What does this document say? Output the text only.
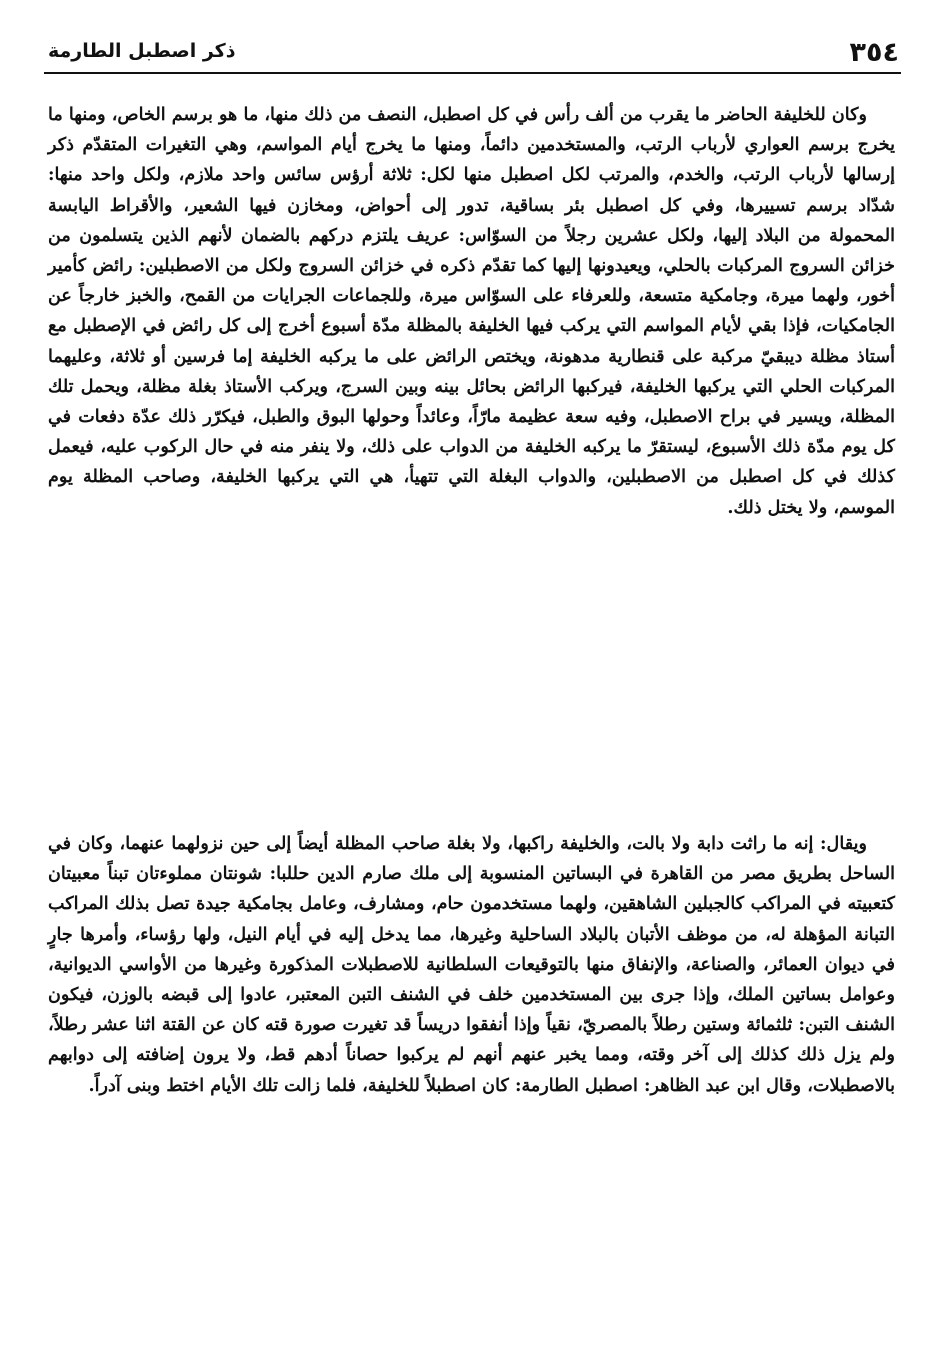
٣٥٤
ذكر اصطبل الطارمة

وكان للخليفة الحاضر ما يقرب من ألف رأس في كل اصطبل، النصف من ذلك منها، ما هو برسم الخاص، ومنها ما يخرج برسم العواري لأرباب الرتب، والمستخدمين دائماً، ومنها ما يخرج أيام المواسم، وهي التغيرات المتقدّم ذكر إرسالها لأرباب الرتب، والخدم، والمرتب لكل اصطبل منها لكل: ثلاثة أرؤس سائس واحد ملازم، ولكل واحد منها: شدّاد برسم تسييرها، وفي كل اصطبل بئر بساقية، تدور إلى أحواض، ومخازن فيها الشعير، والأقراط اليابسة المحمولة من البلاد إليها، ولكل عشرين رجلاً من السوّاس: عريف يلتزم دركهم بالضمان لأنهم الذين يتسلمون من خزائن السروج المركبات بالحلي، ويعيدونها إليها كما تقدّم ذكره في خزائن السروج ولكل من الاصطبلين: رائض كأمير أخور، ولهما ميرة، وجامكية متسعة، وللعرفاء على السوّاس ميرة، وللجماعات الجرايات من القمح، والخبز خارجاً عن الجامكيات، فإذا بقي لأيام المواسم التي يركب فيها الخليفة بالمظلة مدّة أسبوع أخرج إلى كل رائض في الإصطبل مع أستاذ مظلة ديبقيّ مركبة على قنطارية مدهونة، ويختص الرائض على ما يركبه الخليفة إما فرسين أو ثلاثة، وعليهما المركبات الحلي التي يركبها الخليفة، فيركبها الرائض بحائل بينه وبين السرج، ويركب الأستاذ بغلة مظلة، ويحمل تلك المظلة، ويسير في براح الاصطبل، وفيه سعة عظيمة مارّاً، وعائداً وحولها البوق والطبل، فيكرّر ذلك عدّة دفعات في كل يوم مدّة ذلك الأسبوع، ليستقرّ ما يركبه الخليفة من الدواب على ذلك، ولا ينفر منه في حال الركوب عليه، فيعمل كذلك في كل اصطبل من الاصطبلين، والدواب البغلة التي تتهيأ، هي التي يركبها الخليفة، وصاحب المظلة يوم الموسم، ولا يختل ذلك.

ويقال: إنه ما راثت دابة ولا بالت، والخليفة راكبها، ولا بغلة صاحب المظلة أيضاً إلى حين نزولهما عنهما، وكان في الساحل بطريق مصر من القاهرة في البساتين المنسوبة إلى ملك صارم الدين حللبا: شونتان مملوءتان تبناً معبيتان كتعبيته في المراكب كالجبلين الشاهقين، ولهما مستخدمون حام، ومشارف، وعامل بجامكية جيدة تصل بذلك المراكب التبانة المؤهلة له، من موظف الأتبان بالبلاد الساحلية وغيرها، مما يدخل إليه في أيام النيل، ولها رؤساء، وأمرها جارٍ في ديوان العمائر، والصناعة، والإنفاق منها بالتوقيعات السلطانية للاصطبلات المذكورة وغيرها من الأواسي الديوانية، وعوامل بساتين الملك، وإذا جرى بين المستخدمين خلف في الشنف التبن المعتبر، عادوا إلى قبضه بالوزن، فيكون الشنف التبن: ثلثمائة وستين رطلاً بالمصريّ، نقياً وإذا أنفقوا دريساً قد تغيرت صورة قته كان عن القتة اثنا عشر رطلاً، ولم يزل ذلك كذلك إلى آخر وقته، ومما يخبر عنهم أنهم لم يركبوا حصاناً أدهم قط، ولا يرون إضافته إلى دوابهم بالاصطبلات، وقال ابن عبد الظاهر: اصطبل الطارمة: كان اصطبلاً للخليفة، فلما زالت تلك الأيام اختط وبنى آدراً.
